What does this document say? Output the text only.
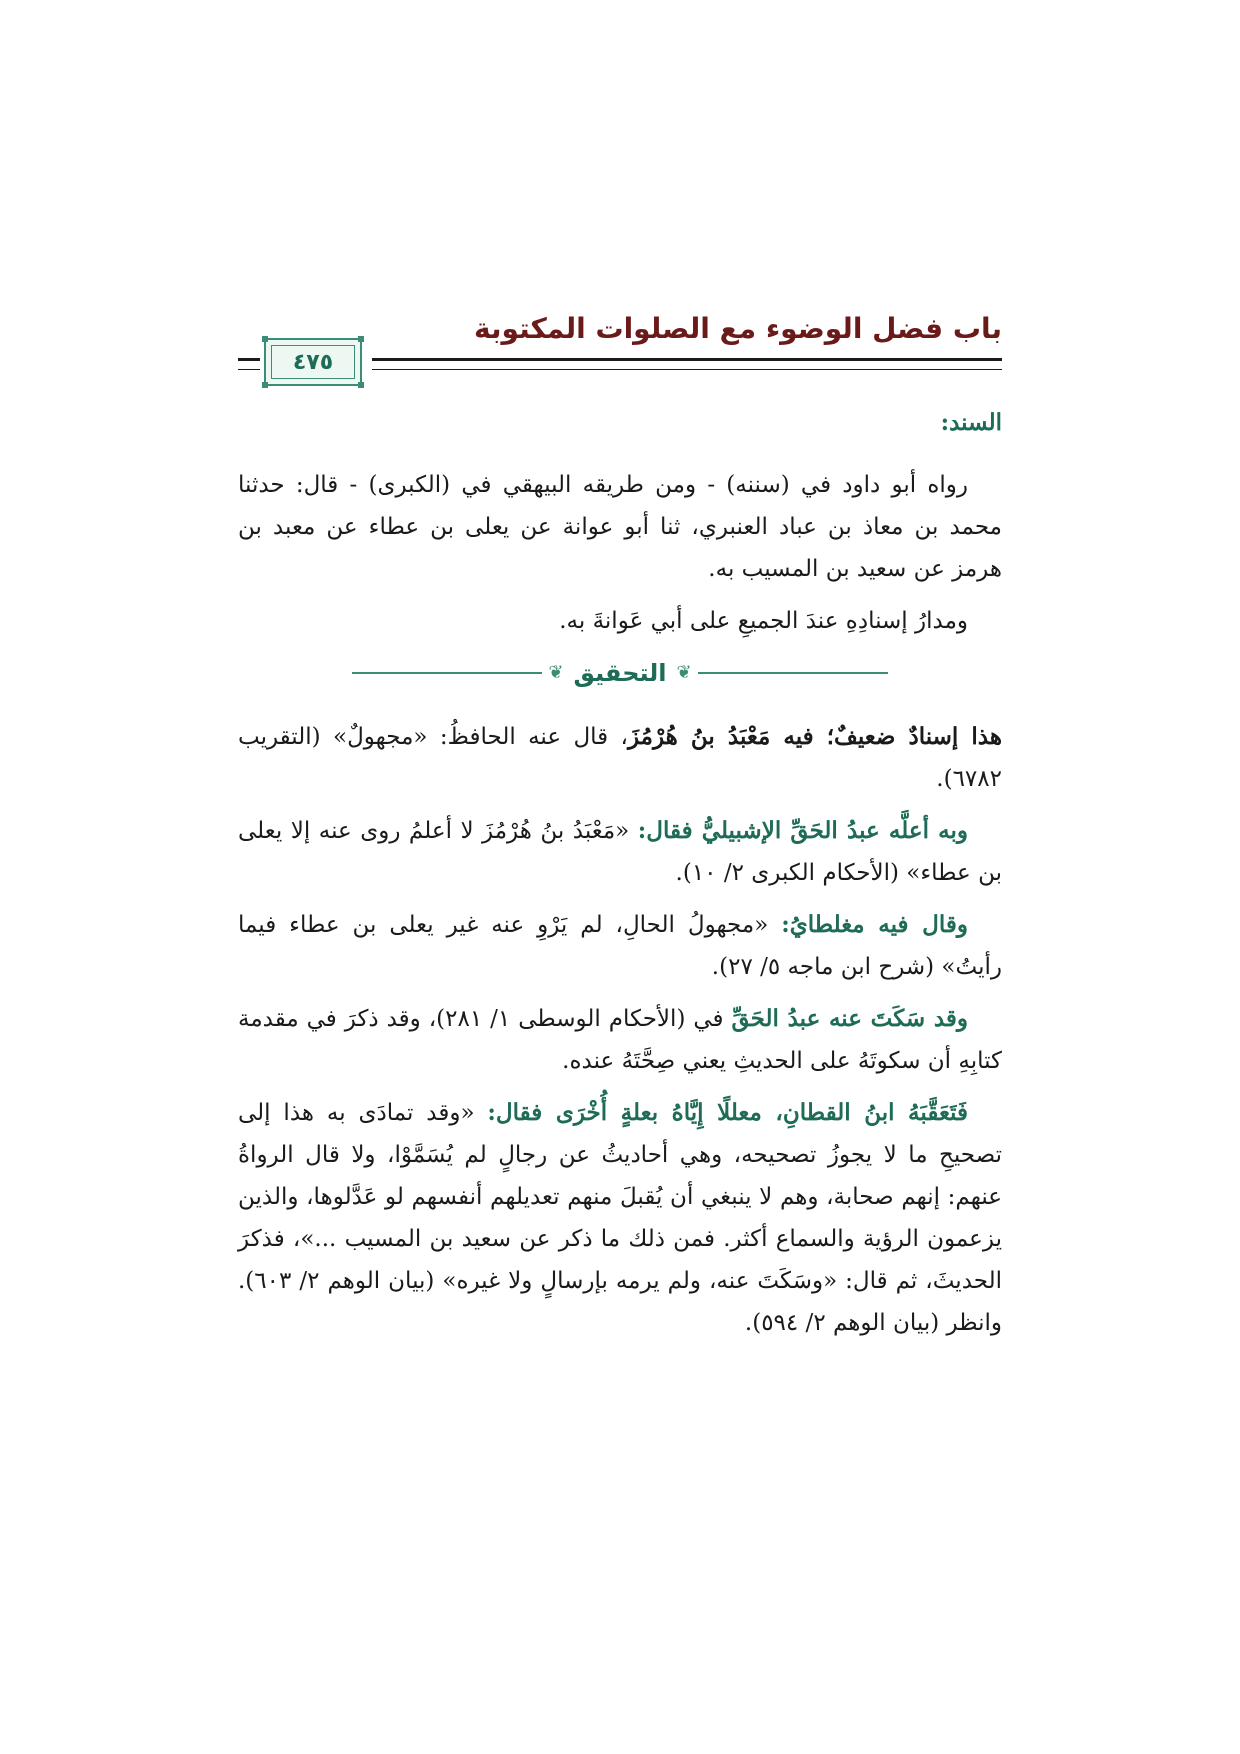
باب فضل الوضوء مع الصلوات المكتوبة
٤٧٥
السند:

رواه أبو داود في (سننه) - ومن طريقه البيهقي في (الكبرى) - قال: حدثنا محمد بن معاذ بن عباد العنبري، ثنا أبو عوانة عن يعلى بن عطاء عن معبد بن هرمز عن سعيد بن المسيب به.

ومدارُ إسنادِهِ عندَ الجميعِ على أبي عَوانةَ به.

❦
التحقيق
❦

هذا إسنادٌ ضعيفٌ؛ فيه مَعْبَدُ بنُ هُرْمُزَ، قال عنه الحافظُ: «مجهولٌ» (التقريب ٦٧٨٢).

وبه أعلَّه عبدُ الحَقِّ الإشبيليُّ فقال: «مَعْبَدُ بنُ هُرْمُزَ لا أعلمُ روى عنه إلا يعلى بن عطاء» (الأحكام الكبرى ٢/ ١٠).

وقال فيه مغلطايُ: «مجهولُ الحالِ، لم يَرْوِ عنه غير يعلى بن عطاء فيما رأيتُ» (شرح ابن ماجه ٥/ ٢٧).

وقد سَكَتَ عنه عبدُ الحَقِّ في (الأحكام الوسطى ١/ ٢٨١)، وقد ذكرَ في مقدمة كتابِهِ أن سكوتَهُ على الحديثِ يعني صِحَّتَهُ عنده.

فَتَعَقَّبَهُ ابنُ القطانِ، معللًا إِيَّاهُ بعلةٍ أُخْرَى فقال: «وقد تمادَى به هذا إلى تصحيحِ ما لا يجوزُ تصحيحه، وهي أحاديثُ عن رجالٍ لم يُسَمَّوْا، ولا قال الرواةُ عنهم: إنهم صحابة، وهم لا ينبغي أن يُقبلَ منهم تعديلهم أنفسهم لو عَدَّلوها، والذين يزعمون الرؤية والسماع أكثر. فمن ذلك ما ذكر عن سعيد بن المسيب ...»، فذكرَ الحديثَ، ثم قال: «وسَكَتَ عنه، ولم يرمه بإرسالٍ ولا غيره» (بيان الوهم ٢/ ٦٠٣). وانظر (بيان الوهم ٢/ ٥٩٤).
